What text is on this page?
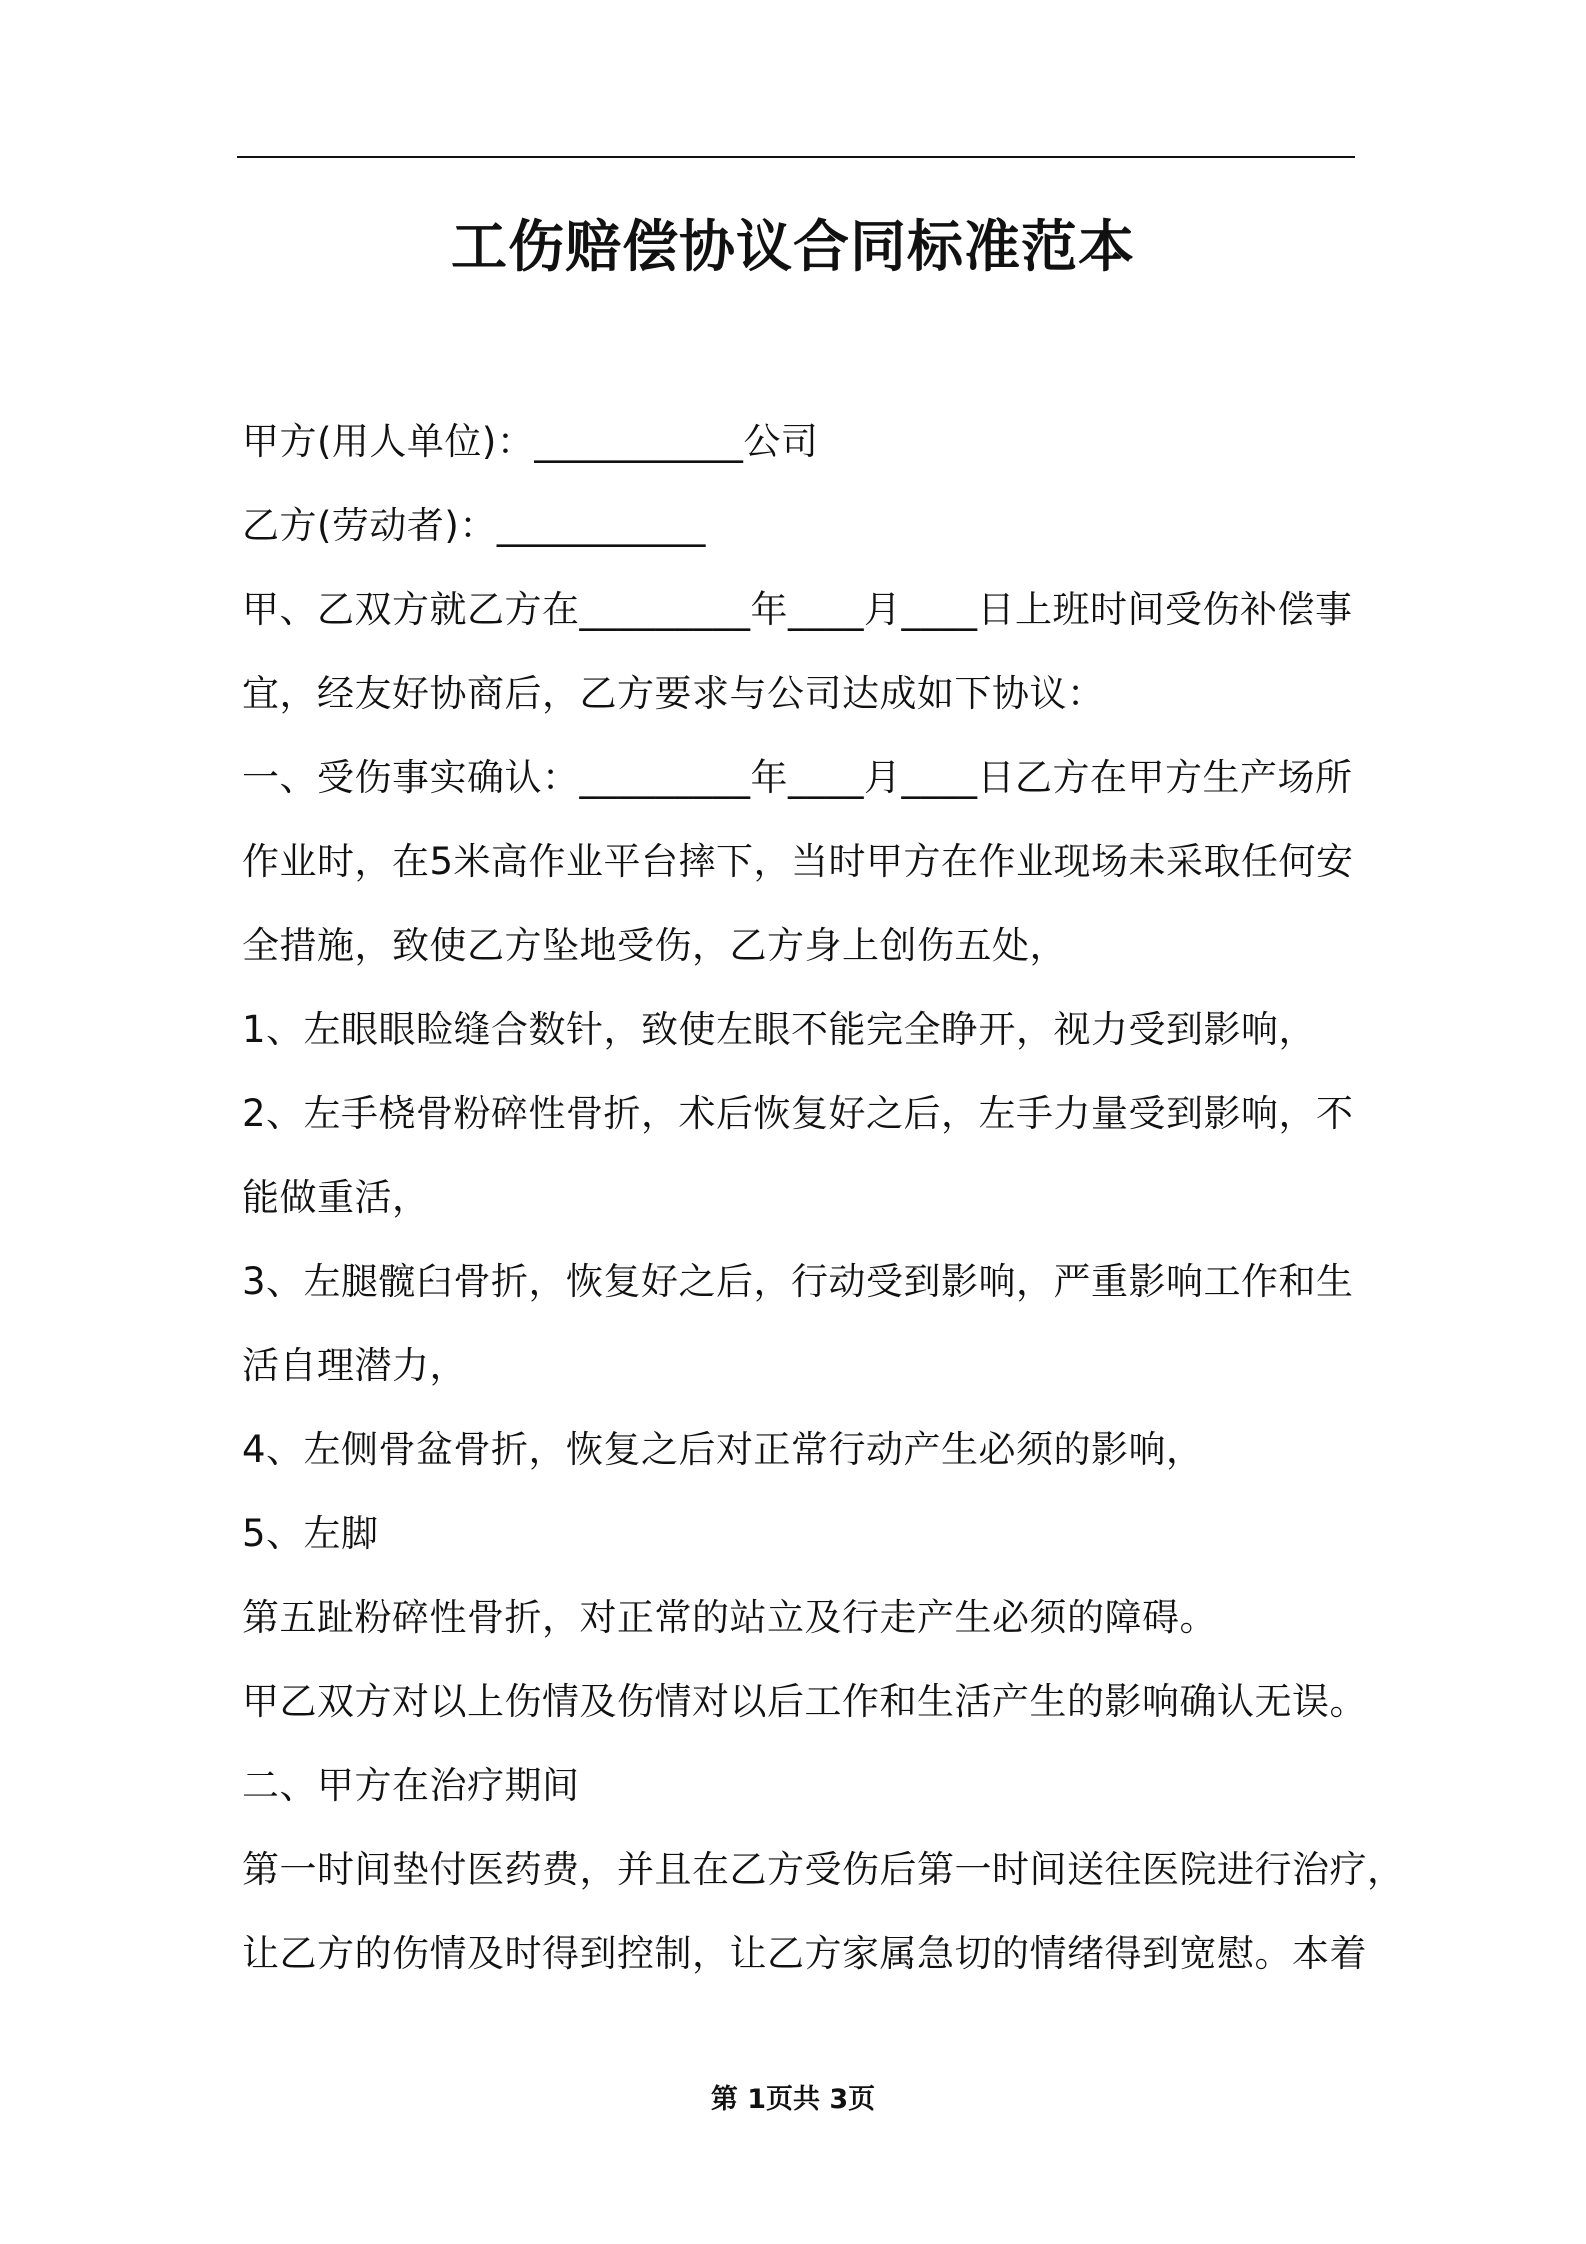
工伤赔偿协议合同标准范本
甲方(用人单位)：___________公司
乙方(劳动者)：___________
甲、乙双方就乙方在_________年____月____日上班时间受伤补偿事
宜，经友好协商后，乙方要求与公司达成如下协议：
一、受伤事实确认：_________年____月____日乙方在甲方生产场所
作业时，在5米高作业平台摔下，当时甲方在作业现场未采取任何安
全措施，致使乙方坠地受伤，乙方身上创伤五处，
1、左眼眼睑缝合数针，致使左眼不能完全睁开，视力受到影响，
2、左手桡骨粉碎性骨折，术后恢复好之后，左手力量受到影响，不
能做重活，
3、左腿髋臼骨折，恢复好之后，行动受到影响，严重影响工作和生
活自理潜力，
4、左侧骨盆骨折，恢复之后对正常行动产生必须的影响，
5、左脚
第五趾粉碎性骨折，对正常的站立及行走产生必须的障碍。
甲乙双方对以上伤情及伤情对以后工作和生活产生的影响确认无误。
二、甲方在治疗期间
第一时间垫付医药费，并且在乙方受伤后第一时间送往医院进行治疗，
让乙方的伤情及时得到控制，让乙方家属急切的情绪得到宽慰。本着
第 1页共 3页
